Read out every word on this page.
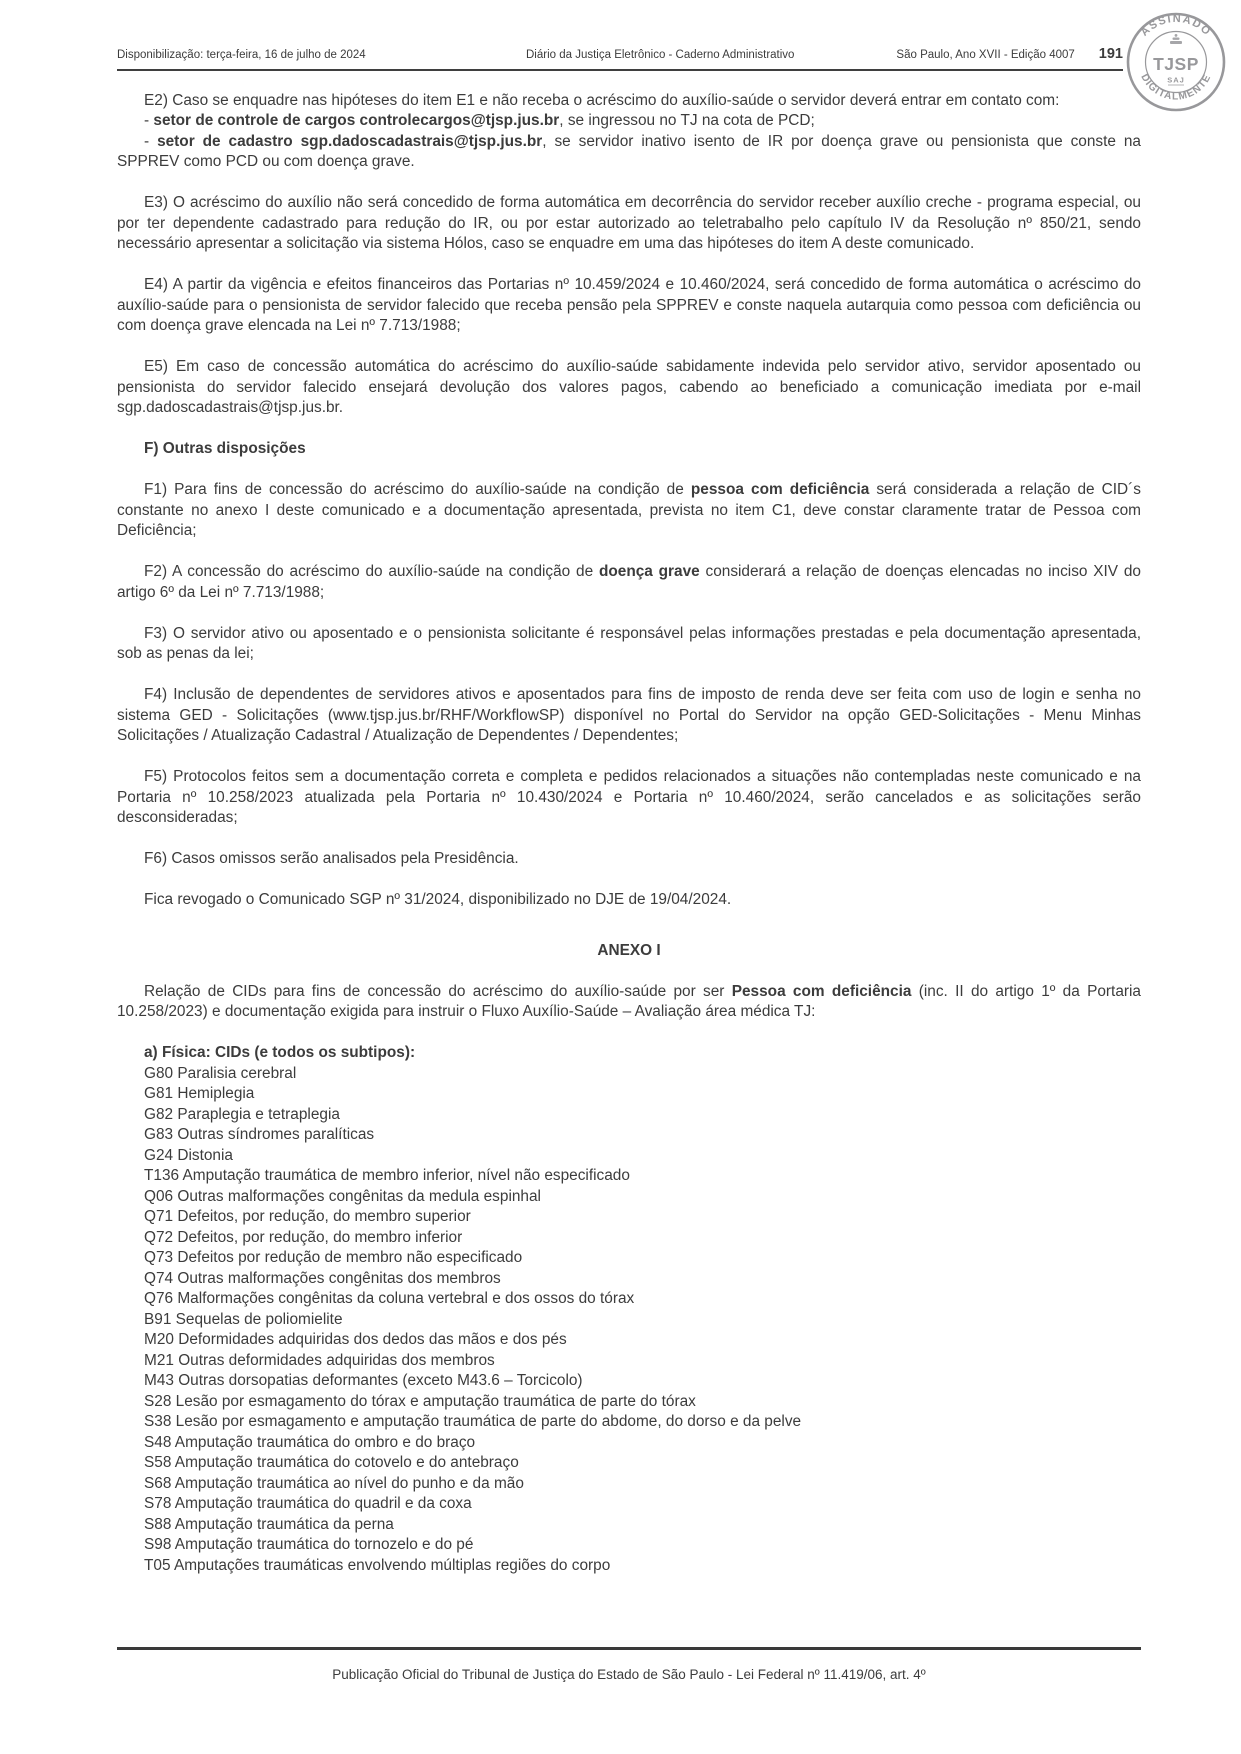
Disponibilização: terça-feira, 16 de julho de 2024	Diário da Justiça Eletrônico - Caderno Administrativo	São Paulo, Ano XVII - Edição 4007 191
ASSINADO
DIGITALMENTE
TJSP
SAJ

E2) Caso se enquadre nas hipóteses do item E1 e não receba o acréscimo do auxílio-saúde o servidor deverá entrar em contato com:

- setor de controle de cargos controlecargos@tjsp.jus.br, se ingressou no TJ na cota de PCD;

- setor de cadastro sgp.dadoscadastrais@tjsp.jus.br, se servidor inativo isento de IR por doença grave ou pensionista que conste na SPPREV como PCD ou com doença grave.

E3) O acréscimo do auxílio não será concedido de forma automática em decorrência do servidor receber auxílio creche - programa especial, ou por ter dependente cadastrado para redução do IR, ou por estar autorizado ao teletrabalho pelo capítulo IV da Resolução nº 850/21, sendo necessário apresentar a solicitação via sistema Hólos, caso se enquadre em uma das hipóteses do item A deste comunicado.

E4) A partir da vigência e efeitos financeiros das Portarias nº 10.459/2024 e 10.460/2024, será concedido de forma automática o acréscimo do auxílio-saúde para o pensionista de servidor falecido que receba pensão pela SPPREV e conste naquela autarquia como pessoa com deficiência ou com doença grave elencada na Lei nº 7.713/1988;

E5) Em caso de concessão automática do acréscimo do auxílio-saúde sabidamente indevida pelo servidor ativo, servidor aposentado ou pensionista do servidor falecido ensejará devolução dos valores pagos, cabendo ao beneficiado a comunicação imediata por e-mail sgp.dadoscadastrais@tjsp.jus.br.

F) Outras disposições

F1) Para fins de concessão do acréscimo do auxílio-saúde na condição de pessoa com deficiência será considerada a relação de CID´s constante no anexo I deste comunicado e a documentação apresentada, prevista no item C1, deve constar claramente tratar de Pessoa com Deficiência;

F2) A concessão do acréscimo do auxílio-saúde na condição de doença grave considerará a relação de doenças elencadas no inciso XIV do artigo 6º da Lei nº 7.713/1988;

F3) O servidor ativo ou aposentado e o pensionista solicitante é responsável pelas informações prestadas e pela documentação apresentada, sob as penas da lei;

F4) Inclusão de dependentes de servidores ativos e aposentados para fins de imposto de renda deve ser feita com uso de login e senha no sistema GED - Solicitações (www.tjsp.jus.br/RHF/WorkflowSP) disponível no Portal do Servidor na opção GED-Solicitações - Menu Minhas Solicitações / Atualização Cadastral / Atualização de Dependentes / Dependentes;

F5) Protocolos feitos sem a documentação correta e completa e pedidos relacionados a situações não contempladas neste comunicado e na Portaria nº 10.258/2023 atualizada pela Portaria nº 10.430/2024 e Portaria nº 10.460/2024, serão cancelados e as solicitações serão desconsideradas;

F6) Casos omissos serão analisados pela Presidência.

Fica revogado o Comunicado SGP nº 31/2024, disponibilizado no DJE de 19/04/2024.

ANEXO I

Relação de CIDs para fins de concessão do acréscimo do auxílio-saúde por ser Pessoa com deficiência (inc. II do artigo 1º da Portaria 10.258/2023) e documentação exigida para instruir o Fluxo Auxílio-Saúde – Avaliação área médica TJ:

a) Física: CIDs (e todos os subtipos):

G80 Paralisia cerebral

G81 Hemiplegia

G82 Paraplegia e tetraplegia

G83 Outras síndromes paralíticas

G24 Distonia

T136 Amputação traumática de membro inferior, nível não especificado

Q06 Outras malformações congênitas da medula espinhal

Q71 Defeitos, por redução, do membro superior

Q72 Defeitos, por redução, do membro inferior

Q73 Defeitos por redução de membro não especificado

Q74 Outras malformações congênitas dos membros

Q76 Malformações congênitas da coluna vertebral e dos ossos do tórax

B91 Sequelas de poliomielite

M20 Deformidades adquiridas dos dedos das mãos e dos pés

M21 Outras deformidades adquiridas dos membros

M43 Outras dorsopatias deformantes (exceto M43.6 – Torcicolo)

S28 Lesão por esmagamento do tórax e amputação traumática de parte do tórax

S38 Lesão por esmagamento e amputação traumática de parte do abdome, do dorso e da pelve

S48 Amputação traumática do ombro e do braço

S58 Amputação traumática do cotovelo e do antebraço

S68 Amputação traumática ao nível do punho e da mão

S78 Amputação traumática do quadril e da coxa

S88 Amputação traumática da perna

S98 Amputação traumática do tornozelo e do pé

T05 Amputações traumáticas envolvendo múltiplas regiões do corpo

Publicação Oficial do Tribunal de Justiça do Estado de São Paulo - Lei Federal nº 11.419/06, art. 4º
